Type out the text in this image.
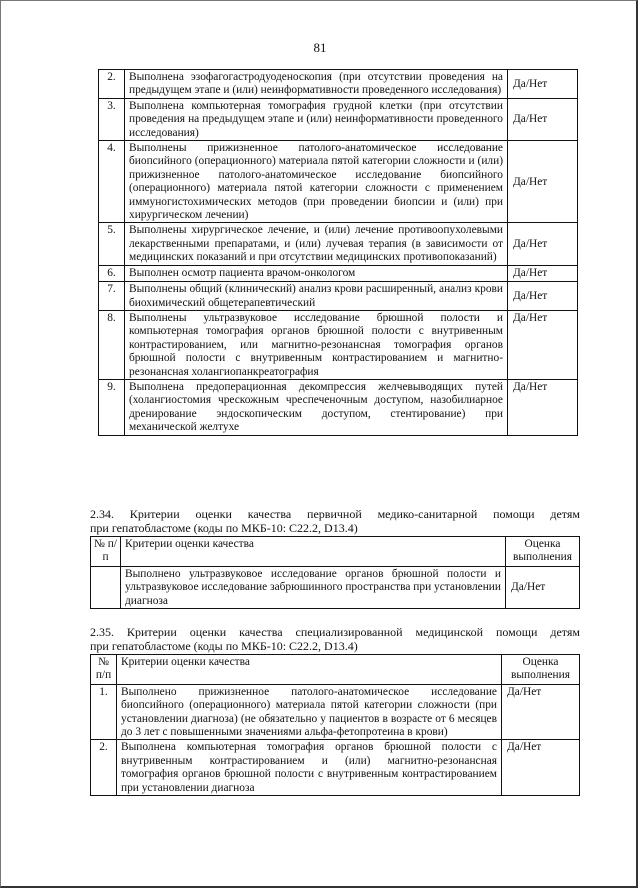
81
2.	Выполнена эзофагогастродуоденоскопия (при отсутствии проведения на предыдущем этапе и (или) неинформативности проведенного исследования)	Да/Нет
3.	Выполнена компьютерная томография грудной клетки (при отсутствии проведения на предыдущем этапе и (или) неинформативности проведенного исследования)	Да/Нет
4.	Выполнены прижизненное патолого-анатомическое исследование биопсийного (операционного) материала пятой категории сложности и (или) прижизненное патолого-анатомическое исследование биопсийного (операционного) материала пятой категории сложности с применением иммуногистохимических методов (при проведении биопсии и (или) при хирургическом лечении)	Да/Нет
5.	Выполнены хирургическое лечение, и (или) лечение противоопухолевыми лекарственными препаратами, и (или) лучевая терапия (в зависимости от медицинских показаний и при отсутствии медицинских противопоказаний)	Да/Нет
6.	Выполнен осмотр пациента врачом-онкологом	Да/Нет
7.	Выполнены общий (клинический) анализ крови расширенный, анализ крови биохимический общетерапевтический	Да/Нет
8.	Выполнены ультразвуковое исследование брюшной полости и компьютерная томография органов брюшной полости с внутривенным контрастированием, или магнитно-резонансная томография органов брюшной полости с внутривенным контрастированием и магнитно-резонансная холангиопанкреатография	Да/Нет
9.	Выполнена предоперационная декомпрессия желчевыводящих путей (холангиостомия чрескожным чреспеченочным доступом, назобилиарное дренирование эндоскопическим доступом, стентирование) при механической желтухе	Да/Нет
2.34. Критерии оценки качества первичной медико-санитарной помощи детям
при гепатобластоме (коды по МКБ-10: C22.2, D13.4)
№ п/п	Критерии оценки качества	Оценка выполнения
	Выполнено ультразвуковое исследование органов брюшной полости и ультразвуковое исследование забрюшинного пространства при установлении диагноза	Да/Нет
2.35. Критерии оценки качества специализированной медицинской помощи детям
при гепатобластоме (коды по МКБ-10: C22.2, D13.4)
№ п/п	Критерии оценки качества	Оценка выполнения
1.	Выполнено прижизненное патолого-анатомическое исследование биопсийного (операционного) материала пятой категории сложности (при установлении диагноза) (не обязательно у пациентов в возрасте от 6 месяцев до 3 лет с повышенными значениями альфа-фетопротеина в крови)	Да/Нет
2.	Выполнена компьютерная томография органов брюшной полости с внутривенным контрастированием и (или) магнитно-резонансная томография органов брюшной полости с внутривенным контрастированием при установлении диагноза	Да/Нет
